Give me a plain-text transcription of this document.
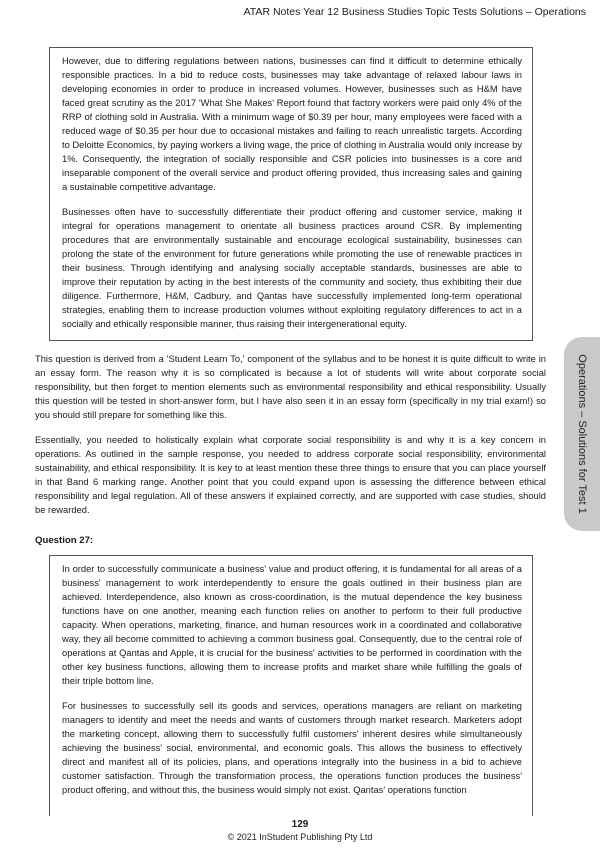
ATAR Notes Year 12 Business Studies Topic Tests Solutions – Operations

However, due to differing regulations between nations, businesses can find it difficult to determine ethically responsible practices. In a bid to reduce costs, businesses may take advantage of relaxed labour laws in developing economies in order to produce in increased volumes. However, businesses such as H&M have faced great scrutiny as the 2017 'What She Makes' Report found that factory workers were paid only 4% of the RRP of clothing sold in Australia. With a minimum wage of $0.39 per hour, many employees were faced with a reduced wage of $0.35 per hour due to occasional mistakes and failing to reach unrealistic targets. According to Deloitte Economics, by paying workers a living wage, the price of clothing in Australia would only increase by 1%. Consequently, the integration of socially responsible and CSR policies into businesses is a core and inseparable component of the overall service and product offering provided, thus increasing sales and gaining a sustainable competitive advantage.

Businesses often have to successfully differentiate their product offering and customer service, making it integral for operations management to orientate all business practices around CSR. By implementing procedures that are environmentally sustainable and encourage ecological sustainability, businesses can prolong the state of the environment for future generations while promoting the use of renewable practices in their business. Through identifying and analysing socially acceptable standards, businesses are able to improve their reputation by acting in the best interests of the community and society, thus exhibiting their due diligence. Furthermore, H&M, Cadbury, and Qantas have successfully implemented long-term operational strategies, enabling them to increase production volumes without exploiting regulatory differences to act in a socially and ethically responsible manner, thus raising their intergenerational equity.

This question is derived from a 'Student Learn To,' component of the syllabus and to be honest it is quite difficult to write in an essay form. The reason why it is so complicated is because a lot of students will write about corporate social responsibility, but then forget to mention elements such as environmental responsibility and ethical responsibility. Usually this question will be tested in short-answer form, but I have also seen it in an essay form (specifically in my trial exam!) so you should still prepare for something like this.

Essentially, you needed to holistically explain what corporate social responsibility is and why it is a key concern in operations. As outlined in the sample response, you needed to address corporate social responsibility, environmental sustainability, and ethical responsibility. It is key to at least mention these three things to ensure that you can place yourself in that Band 6 marking range. Another point that you could expand upon is assessing the difference between ethical responsibility and legal regulation. All of these answers if explained correctly, and are supported with case studies, should be rewarded.

Question 27:

In order to successfully communicate a business' value and product offering, it is fundamental for all areas of a business' management to work interdependently to ensure the goals outlined in their business plan are achieved. Interdependence, also known as cross-coordination, is the mutual dependence the key business functions have on one another, meaning each function relies on another to perform to their full productive capacity. When operations, marketing, finance, and human resources work in a coordinated and collaborative way, they all become committed to achieving a common business goal. Consequently, due to the central role of operations at Qantas and Apple, it is crucial for the business' activities to be performed in coordination with the other key business functions, allowing them to increase profits and market share while fulfilling the goals of their triple bottom line.

For businesses to successfully sell its goods and services, operations managers are reliant on marketing managers to identify and meet the needs and wants of customers through market research. Marketers adopt the marketing concept, allowing them to successfully fulfil customers' inherent desires while simultaneously achieving the business' social, environmental, and economic goals. This allows the business to effectively direct and manifest all of its policies, plans, and operations integrally into the business in a bid to achieve customer satisfaction. Through the transformation process, the operations function produces the business' product offering, and without this, the business would simply not exist. Qantas' operations function

Operations – Solutions for Test 1
129
© 2021 InStudent Publishing Pty Ltd
